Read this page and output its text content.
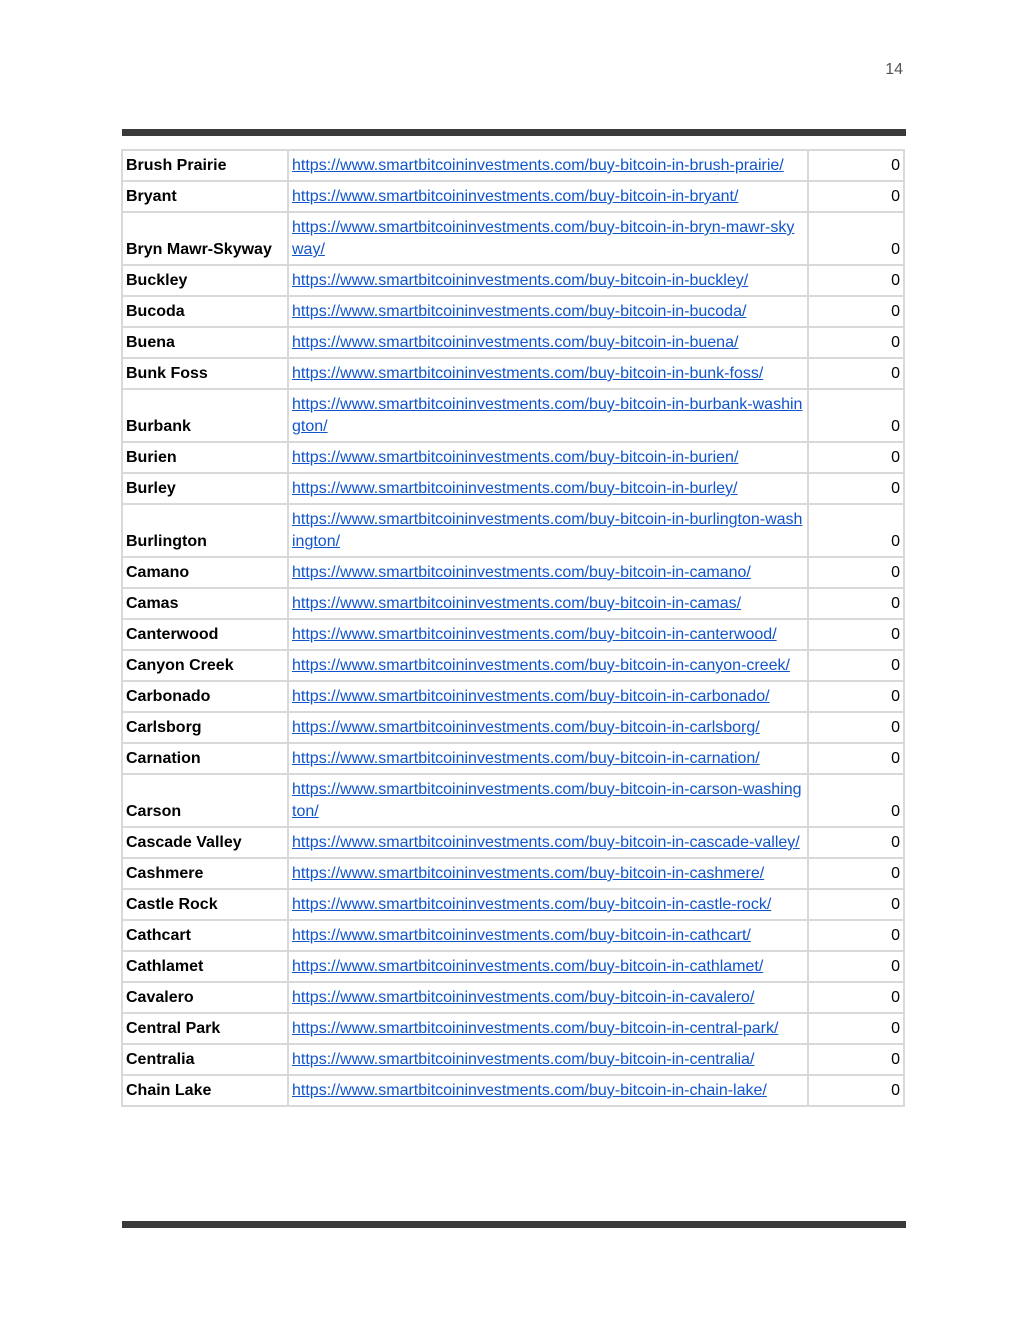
14
Brush Prairie	https://www.smartbitcoininvestments.com/buy-bitcoin-in-brush-prairie/	0
Bryant	https://www.smartbitcoininvestments.com/buy-bitcoin-in-bryant/	0
Bryn Mawr-Skyway	https://www.smartbitcoininvestments.com/buy-bitcoin-in-bryn-mawr-skyway/	0
Buckley	https://www.smartbitcoininvestments.com/buy-bitcoin-in-buckley/	0
Bucoda	https://www.smartbitcoininvestments.com/buy-bitcoin-in-bucoda/	0
Buena	https://www.smartbitcoininvestments.com/buy-bitcoin-in-buena/	0
Bunk Foss	https://www.smartbitcoininvestments.com/buy-bitcoin-in-bunk-foss/	0
Burbank	https://www.smartbitcoininvestments.com/buy-bitcoin-in-burbank-washington/	0
Burien	https://www.smartbitcoininvestments.com/buy-bitcoin-in-burien/	0
Burley	https://www.smartbitcoininvestments.com/buy-bitcoin-in-burley/	0
Burlington	https://www.smartbitcoininvestments.com/buy-bitcoin-in-burlington-washington/	0
Camano	https://www.smartbitcoininvestments.com/buy-bitcoin-in-camano/	0
Camas	https://www.smartbitcoininvestments.com/buy-bitcoin-in-camas/	0
Canterwood	https://www.smartbitcoininvestments.com/buy-bitcoin-in-canterwood/	0
Canyon Creek	https://www.smartbitcoininvestments.com/buy-bitcoin-in-canyon-creek/	0
Carbonado	https://www.smartbitcoininvestments.com/buy-bitcoin-in-carbonado/	0
Carlsborg	https://www.smartbitcoininvestments.com/buy-bitcoin-in-carlsborg/	0
Carnation	https://www.smartbitcoininvestments.com/buy-bitcoin-in-carnation/	0
Carson	https://www.smartbitcoininvestments.com/buy-bitcoin-in-carson-washington/	0
Cascade Valley	https://www.smartbitcoininvestments.com/buy-bitcoin-in-cascade-valley/	0
Cashmere	https://www.smartbitcoininvestments.com/buy-bitcoin-in-cashmere/	0
Castle Rock	https://www.smartbitcoininvestments.com/buy-bitcoin-in-castle-rock/	0
Cathcart	https://www.smartbitcoininvestments.com/buy-bitcoin-in-cathcart/	0
Cathlamet	https://www.smartbitcoininvestments.com/buy-bitcoin-in-cathlamet/	0
Cavalero	https://www.smartbitcoininvestments.com/buy-bitcoin-in-cavalero/	0
Central Park	https://www.smartbitcoininvestments.com/buy-bitcoin-in-central-park/	0
Centralia	https://www.smartbitcoininvestments.com/buy-bitcoin-in-centralia/	0
Chain Lake	https://www.smartbitcoininvestments.com/buy-bitcoin-in-chain-lake/	0
